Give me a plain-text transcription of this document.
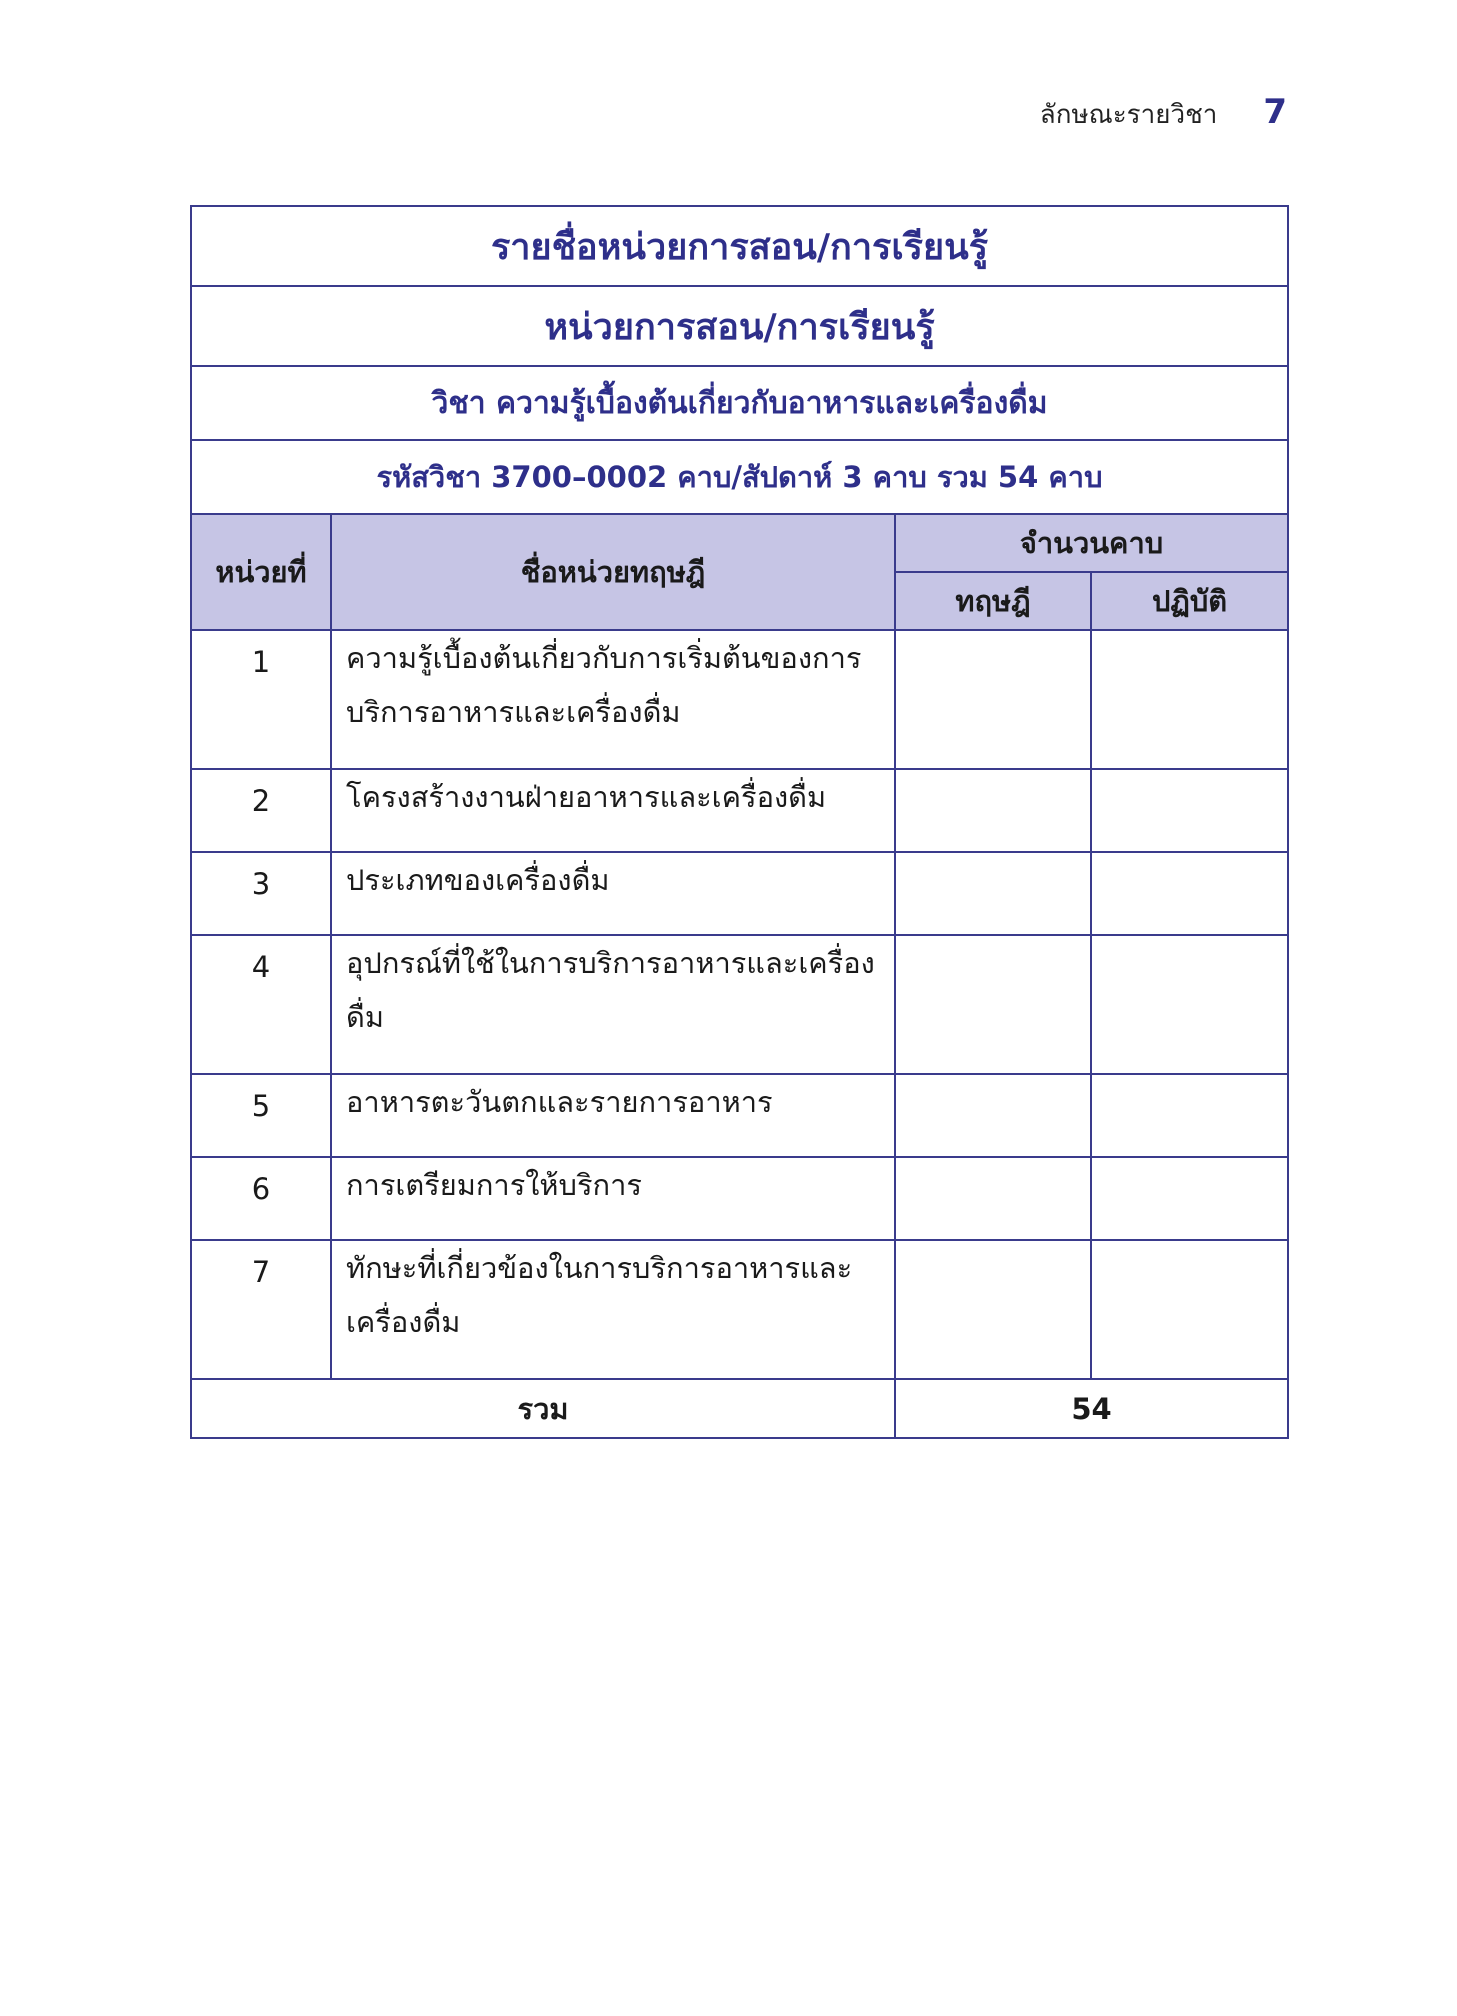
ลักษณะรายวิชา 7
รายชื่อหน่วยการสอน/การเรียนรู้			
หน่วยการสอน/การเรียนรู้			
วิชา ความรู้เบื้องต้นเกี่ยวกับอาหารและเครื่องดื่ม			
รหัสวิชา 3700–0002 คาบ/สัปดาห์ 3 คาบ รวม 54 คาบ			
หน่วยที่	ชื่อหน่วยทฤษฎี	จำนวนคาบ	
		ทฤษฎี	ปฏิบัติ
1	ความรู้เบื้องต้นเกี่ยวกับการเริ่มต้นของการบริการอาหารและเครื่องดื่ม		

2	โครงสร้างงานฝ่ายอาหารและเครื่องดื่ม		

3	ประเภทของเครื่องดื่ม		

4	อุปกรณ์ที่ใช้ในการบริการอาหารและเครื่องดื่ม		

5	อาหารตะวันตกและรายการอาหาร		

6	การเตรียมการให้บริการ		

7	ทักษะที่เกี่ยวข้องในการบริการอาหารและเครื่องดื่ม		

รวม		54	
